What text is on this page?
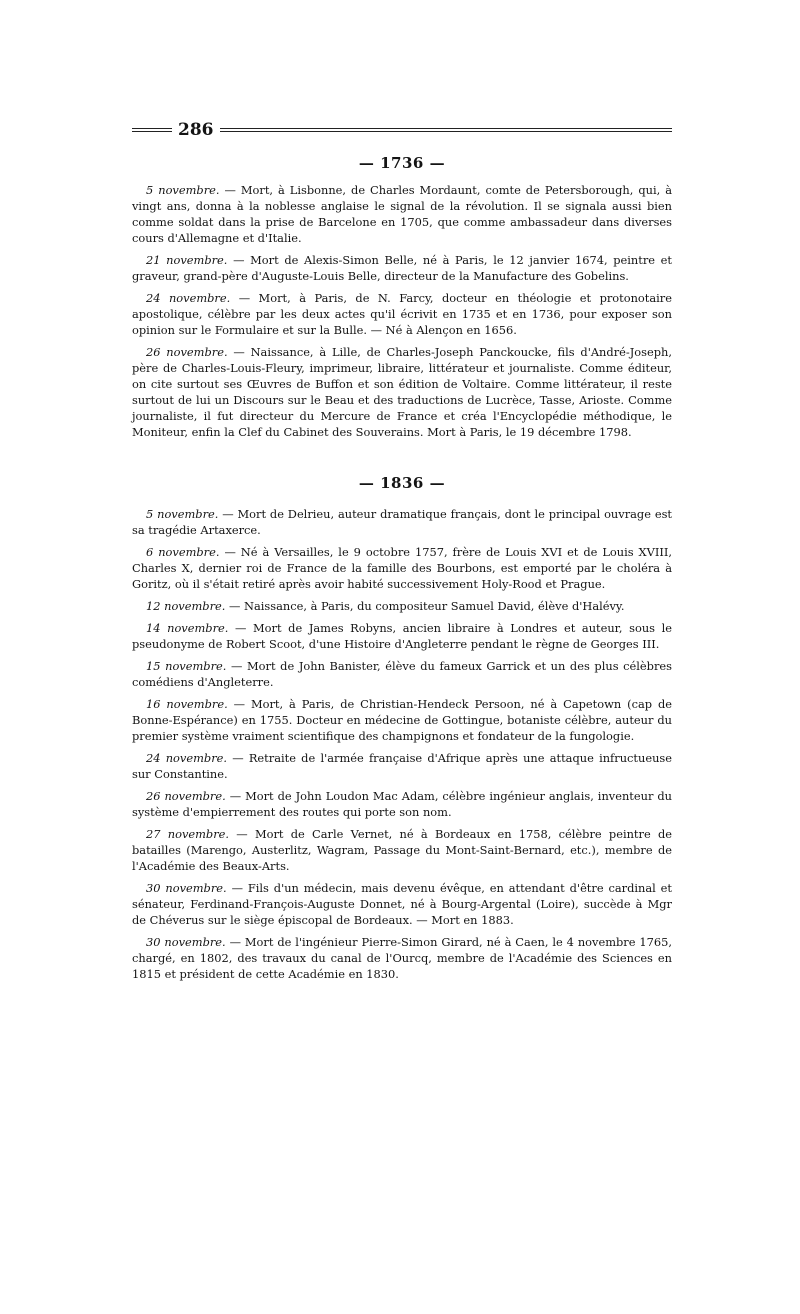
286
— 1736 —

5 novembre. — Mort, à Lisbonne, de Charles Mordaunt, comte de Petersborough, qui, à vingt ans, donna à la noblesse anglaise le signal de la révolution. Il se signala aussi bien comme soldat dans la prise de Barcelone en 1705, que comme ambassadeur dans diverses cours d'Allemagne et d'Italie.

21 novembre. — Mort de Alexis-Simon Belle, né à Paris, le 12 janvier 1674, peintre et graveur, grand-père d'Auguste-Louis Belle, directeur de la Manufacture des Gobelins.

24 novembre. — Mort, à Paris, de N. Farcy, docteur en théologie et protonotaire apostolique, célèbre par les deux actes qu'il écrivit en 1735 et en 1736, pour exposer son opinion sur le Formulaire et sur la Bulle. — Né à Alençon en 1656.

26 novembre. — Naissance, à Lille, de Charles-Joseph Panckoucke, fils d'André-Joseph, père de Charles-Louis-Fleury, imprimeur, libraire, littérateur et journaliste. Comme éditeur, on cite surtout ses Œuvres de Buffon et son édition de Voltaire. Comme littérateur, il reste surtout de lui un Discours sur le Beau et des traductions de Lucrèce, Tasse, Arioste. Comme journaliste, il fut directeur du Mercure de France et créa l'Encyclopédie méthodique, le Moniteur, enfin la Clef du Cabinet des Souverains. Mort à Paris, le 19 décembre 1798.

— 1836 —

5 novembre. — Mort de Delrieu, auteur dramatique français, dont le principal ouvrage est sa tragédie Artaxerce.

6 novembre. — Né à Versailles, le 9 octobre 1757, frère de Louis XVI et de Louis XVIII, Charles X, dernier roi de France de la famille des Bourbons, est emporté par le choléra à Goritz, où il s'était retiré après avoir habité successivement Holy-Rood et Prague.

12 novembre. — Naissance, à Paris, du compositeur Samuel David, élève d'Halévy.

14 novembre. — Mort de James Robyns, ancien libraire à Londres et auteur, sous le pseudonyme de Robert Scoot, d'une Histoire d'Angleterre pendant le règne de Georges III.

15 novembre. — Mort de John Banister, élève du fameux Garrick et un des plus célèbres comédiens d'Angleterre.

16 novembre. — Mort, à Paris, de Christian-Hendeck Persoon, né à Capetown (cap de Bonne-Espérance) en 1755. Docteur en médecine de Gottingue, botaniste célèbre, auteur du premier système vraiment scientifique des champignons et fondateur de la fungologie.

24 novembre. — Retraite de l'armée française d'Afrique après une attaque infructueuse sur Constantine.

26 novembre. — Mort de John Loudon Mac Adam, célèbre ingénieur anglais, inventeur du système d'empierrement des routes qui porte son nom.

27 novembre. — Mort de Carle Vernet, né à Bordeaux en 1758, célèbre peintre de batailles (Marengo, Austerlitz, Wagram, Passage du Mont-Saint-Bernard, etc.), membre de l'Académie des Beaux-Arts.

30 novembre. — Fils d'un médecin, mais devenu évêque, en attendant d'être cardinal et sénateur, Ferdinand-François-Auguste Donnet, né à Bourg-Argental (Loire), succède à Mgr de Chéverus sur le siège épiscopal de Bordeaux. — Mort en 1883.

30 novembre. — Mort de l'ingénieur Pierre-Simon Girard, né à Caen, le 4 novembre 1765, chargé, en 1802, des travaux du canal de l'Ourcq, membre de l'Académie des Sciences en 1815 et président de cette Académie en 1830.
